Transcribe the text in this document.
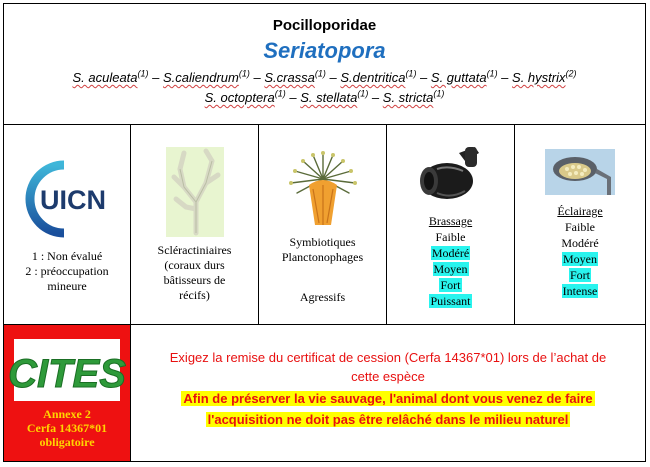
Pocilloporidae
Seriatopora
S. aculeata$^{(1)}$ – S.caliendrum$^{(1)}$ – S.crassa$^{(1)}$ – S.dentritica$^{(1)}$ – S. guttata$^{(1)}$ – S. hystrix$^{(2)}$
S. octoptera$^{(1)}$ – S. stellata$^{(1)}$ – S. stricta$^{(1)}$
UICN
1 : Non évalué
2 : préoccupation
mineure
Scléractiniaires
(coraux durs
bâtisseurs de
récifs)
Symbiotiques
Planctonophages
Agressifs
Brassage
Faible
Modéré
Moyen
Fort
Puissant
Éclairage
Faible
Modéré
Moyen
Fort
Intense
CITES
Annexe 2
Cerfa 14367*01
obligatoire
Exigez la remise du certificat de cession (Cerfa 14367*01) lors de l’achat de
cette espèce
Afin de préserver la vie sauvage, l'animal dont vous venez de faire
l'acquisition ne doit pas être relâché dans le milieu naturel
